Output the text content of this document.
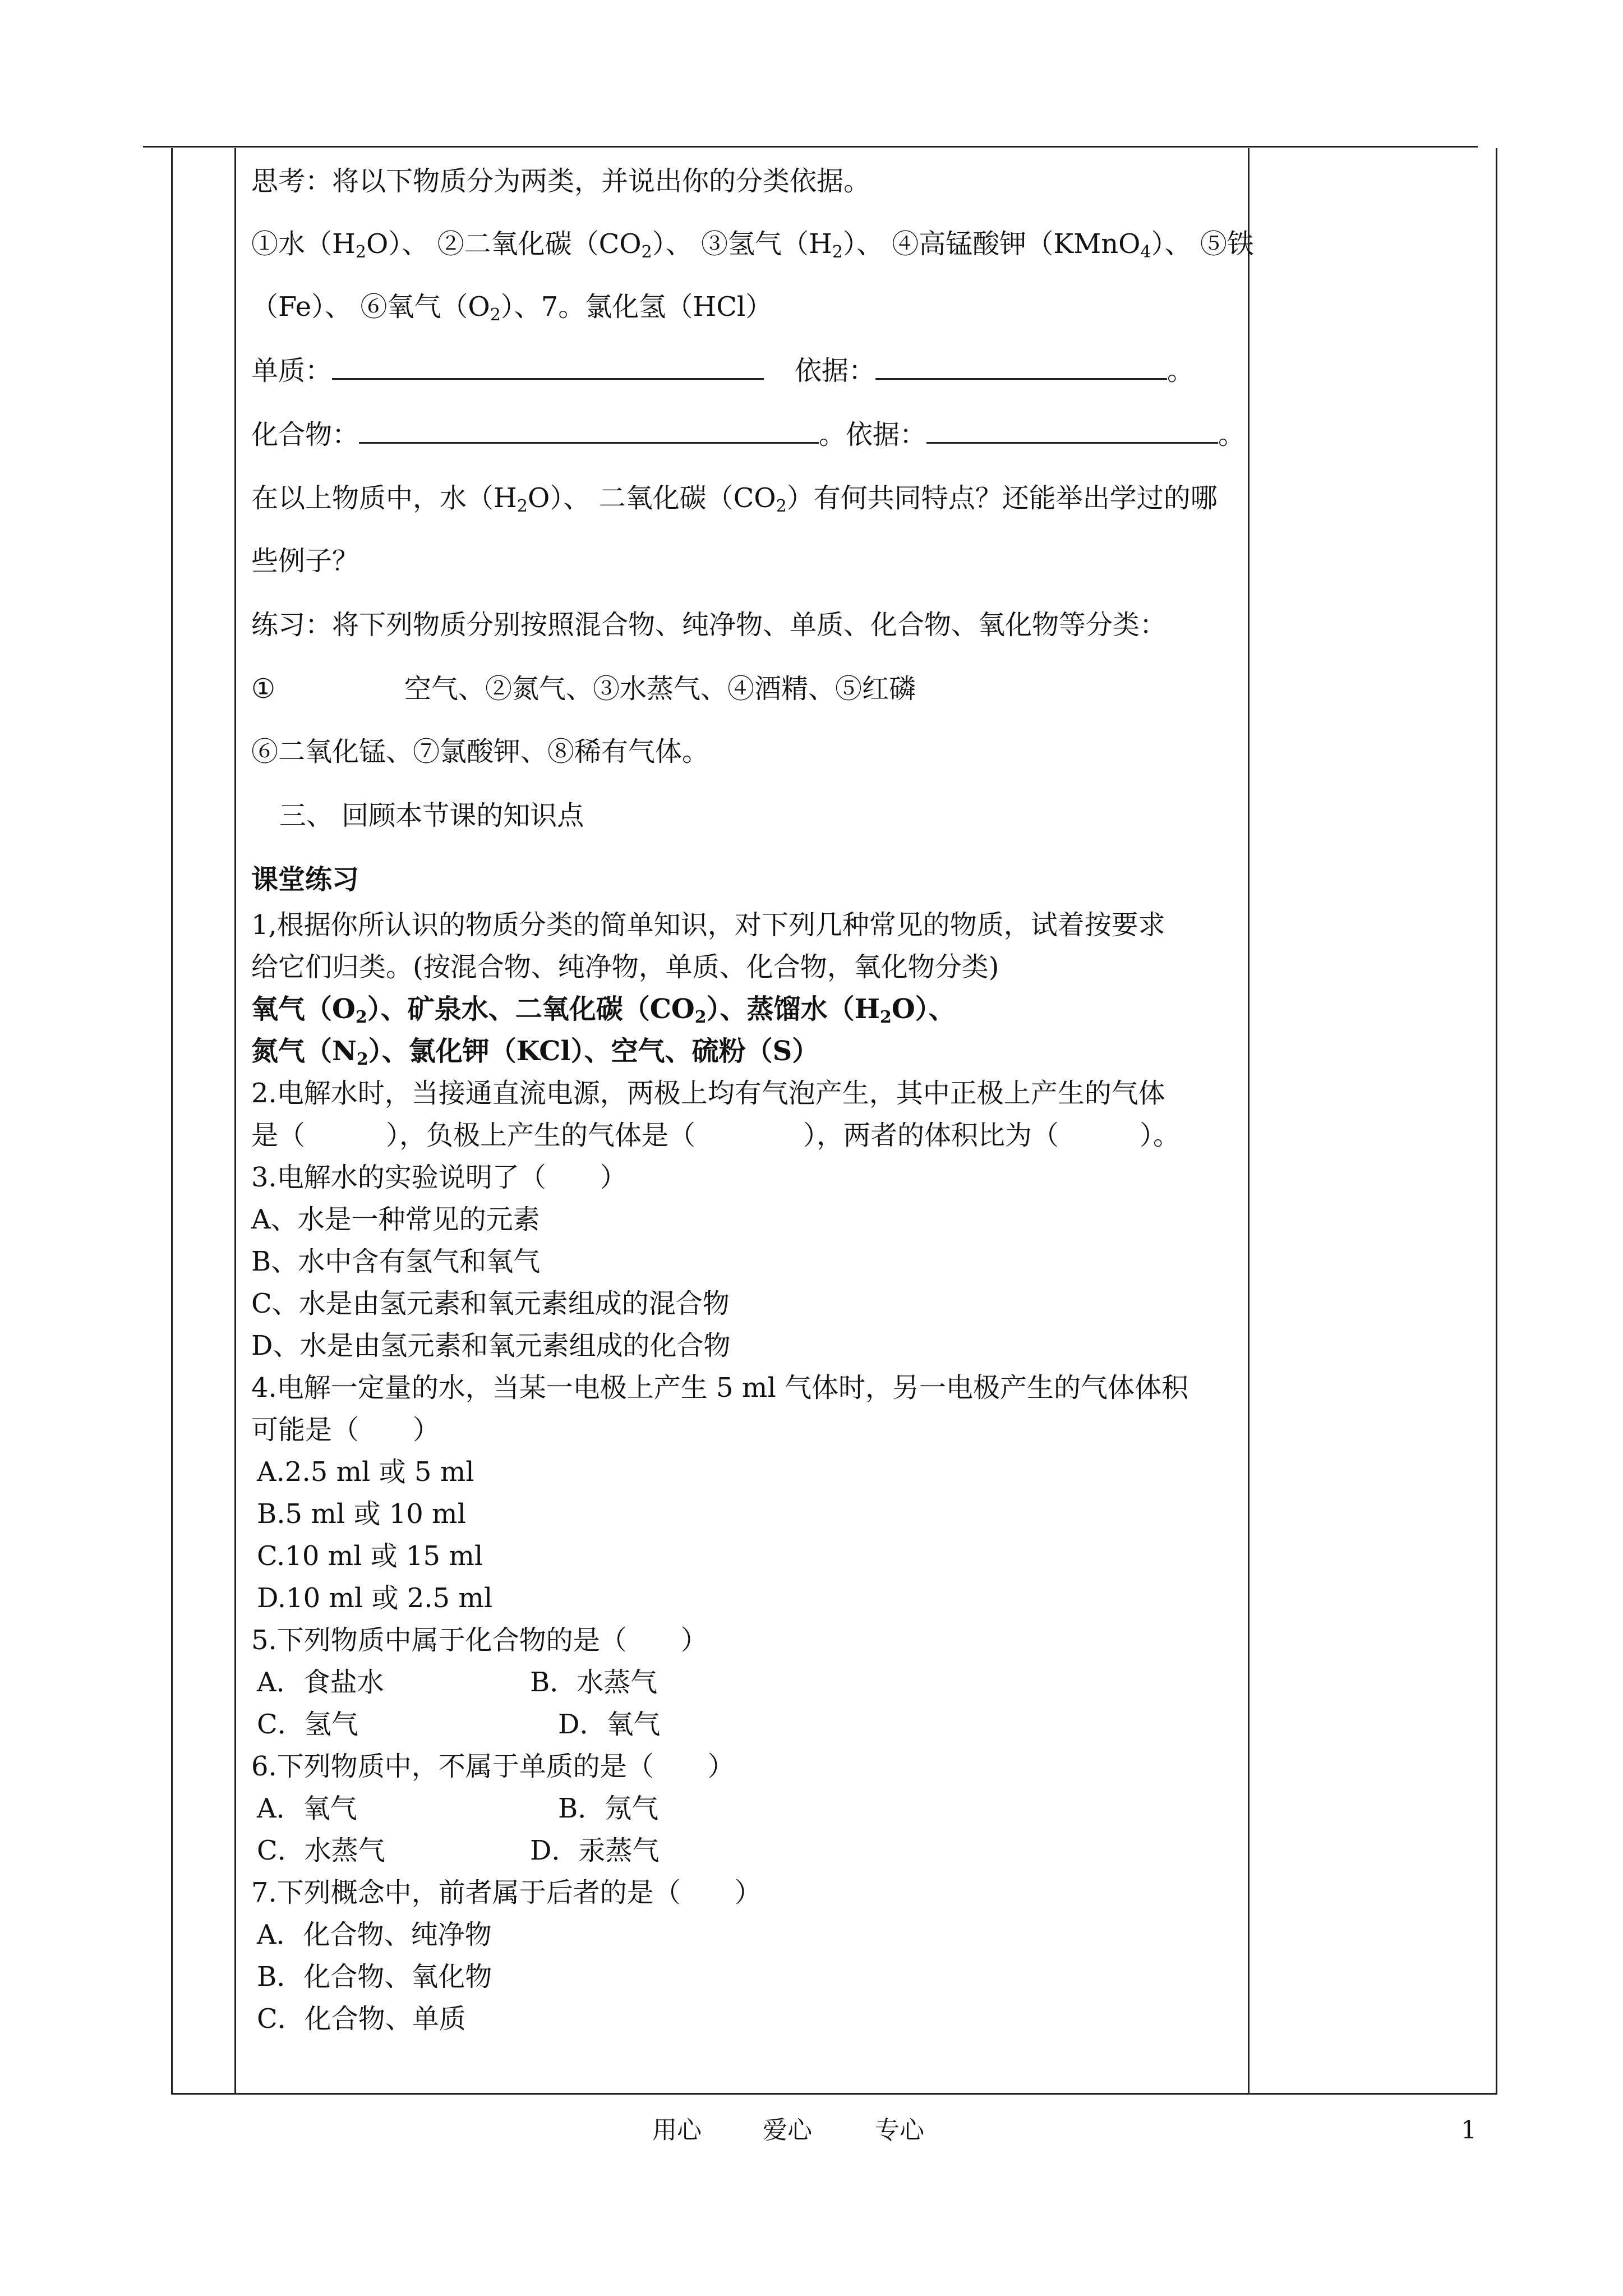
思考：将以下物质分为两类，并说出你的分类依据。
①水$(H_2O)$、 ②二氧化碳$(CO_2)$、 ③氢气$(H_2)$、 ④高锰酸钾（KMnO$_4$）、 ⑤铁
（Fe）、 ⑥氧气$(O_2)$、7。氯化氢（HCl）
单质：	依据：	。
化合物：	。依据：	。
在以上物质中，水$(H_2O)$、 二氧化碳$(CO_2)$有何共同特点？还能举出学过的哪
些例子？
练习：将下列物质分别按照混合物、纯净物、单质、化合物、氧化物等分类：
①	空气、②氮气、③水蒸气、④酒精、⑤红磷
⑥二氧化锰、⑦氯酸钾、⑧稀有气体。
三、 回顾本节课的知识点
课堂练习
1,根据你所认识的物质分类的简单知识，对下列几种常见的物质，试着按要求
给它们归类。(按混合物、纯净物，单质、化合物，氧化物分类)
氧气$(O_2)$、矿泉水、二氧化碳$(CO_2)$、蒸馏水$(H_2O)$、
氮气$(N_2)$、氯化钾（KCl）、空气、硫粉（S）
2.电解水时，当接通直流电源，两极上均有气泡产生，其中正极上产生的气体
是（　　　），负极上产生的气体是（　　　　），两者的体积比为（　　　）。
3.电解水的实验说明了（　　）
A、水是一种常见的元素
B、水中含有氢气和氧气
C、水是由氢元素和氧元素组成的混合物
D、水是由氢元素和氧元素组成的化合物
4.电解一定量的水，当某一电极上产生 5 ml 气体时，另一电极产生的气体体积
可能是（　　）
A.2.5 ml 或 5 ml
B.5 ml 或 10 ml
C.10 ml 或 15 ml
D.10 ml 或 2.5 ml
5.下列物质中属于化合物的是（　　）
A．食盐水	B．水蒸气
C．氢气	D．氧气
6.下列物质中，不属于单质的是（　　）
A．氧气	B．氖气
C．水蒸气	D．汞蒸气
7.下列概念中，前者属于后者的是（　　）
A．化合物、纯净物
B．化合物、氧化物
C．化合物、单质
用心 爱心	专心	1
